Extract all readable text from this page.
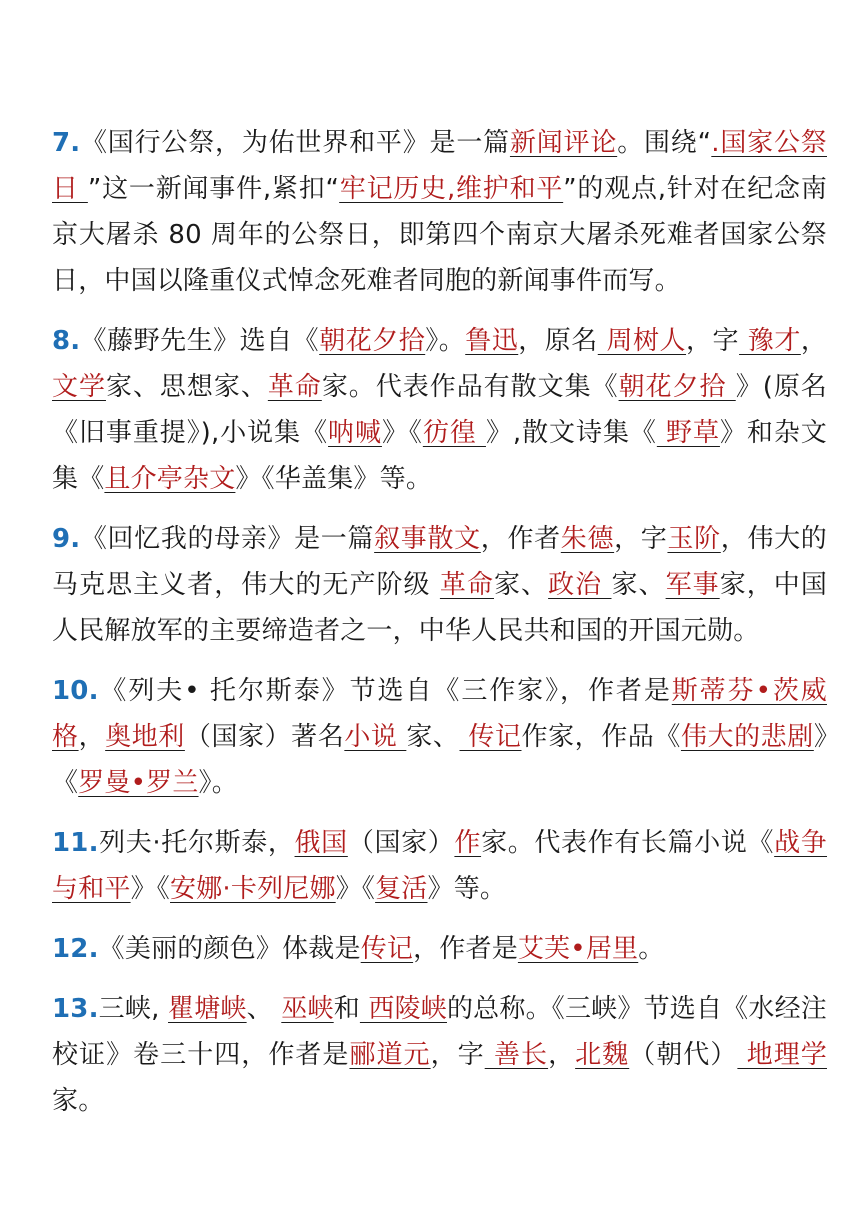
7.《国行公祭，为佑世界和平》是一篇新闻评论。围绕“.国家公祭日 ”这一新闻事件,紧扣“牢记历史,维护和平”的观点,针对在纪念南京大屠杀 80 周年的公祭日，即第四个南京大屠杀死难者国家公祭日，中国以隆重仪式悼念死难者同胞的新闻事件而写。

8.《藤野先生》选自《朝花夕拾》。鲁迅，原名 周树人，字 豫才，文学家、思想家、革命家。代表作品有散文集《朝花夕拾 》(原名《旧事重提》),小说集《呐喊》《彷徨 》,散文诗集《 野草》和杂文集《且介亭杂文》《华盖集》等。

9.《回忆我的母亲》是一篇叙事散文，作者朱德，字玉阶，伟大的马克思主义者，伟大的无产阶级 革命家、政治 家、军事家，中国人民解放军的主要缔造者之一，中华人民共和国的开国元勋。

10.《列夫• 托尔斯泰》节选自《三作家》，作者是斯蒂芬•茨威格，奥地利（国家）著名小说 家、 传记作家，作品《伟大的悲剧》《罗曼•罗兰》。

11.列夫·托尔斯泰，俄国（国家）作家。代表作有长篇小说《战争与和平》《安娜·卡列尼娜》《复活》等。

12.《美丽的颜色》体裁是传记，作者是艾芙•居里。

13.三峡, 瞿塘峡、 巫峡和 西陵峡的总称。《三峡》节选自《水经注校证》卷三十四，作者是郦道元，字 善长，北魏（朝代） 地理学家。
